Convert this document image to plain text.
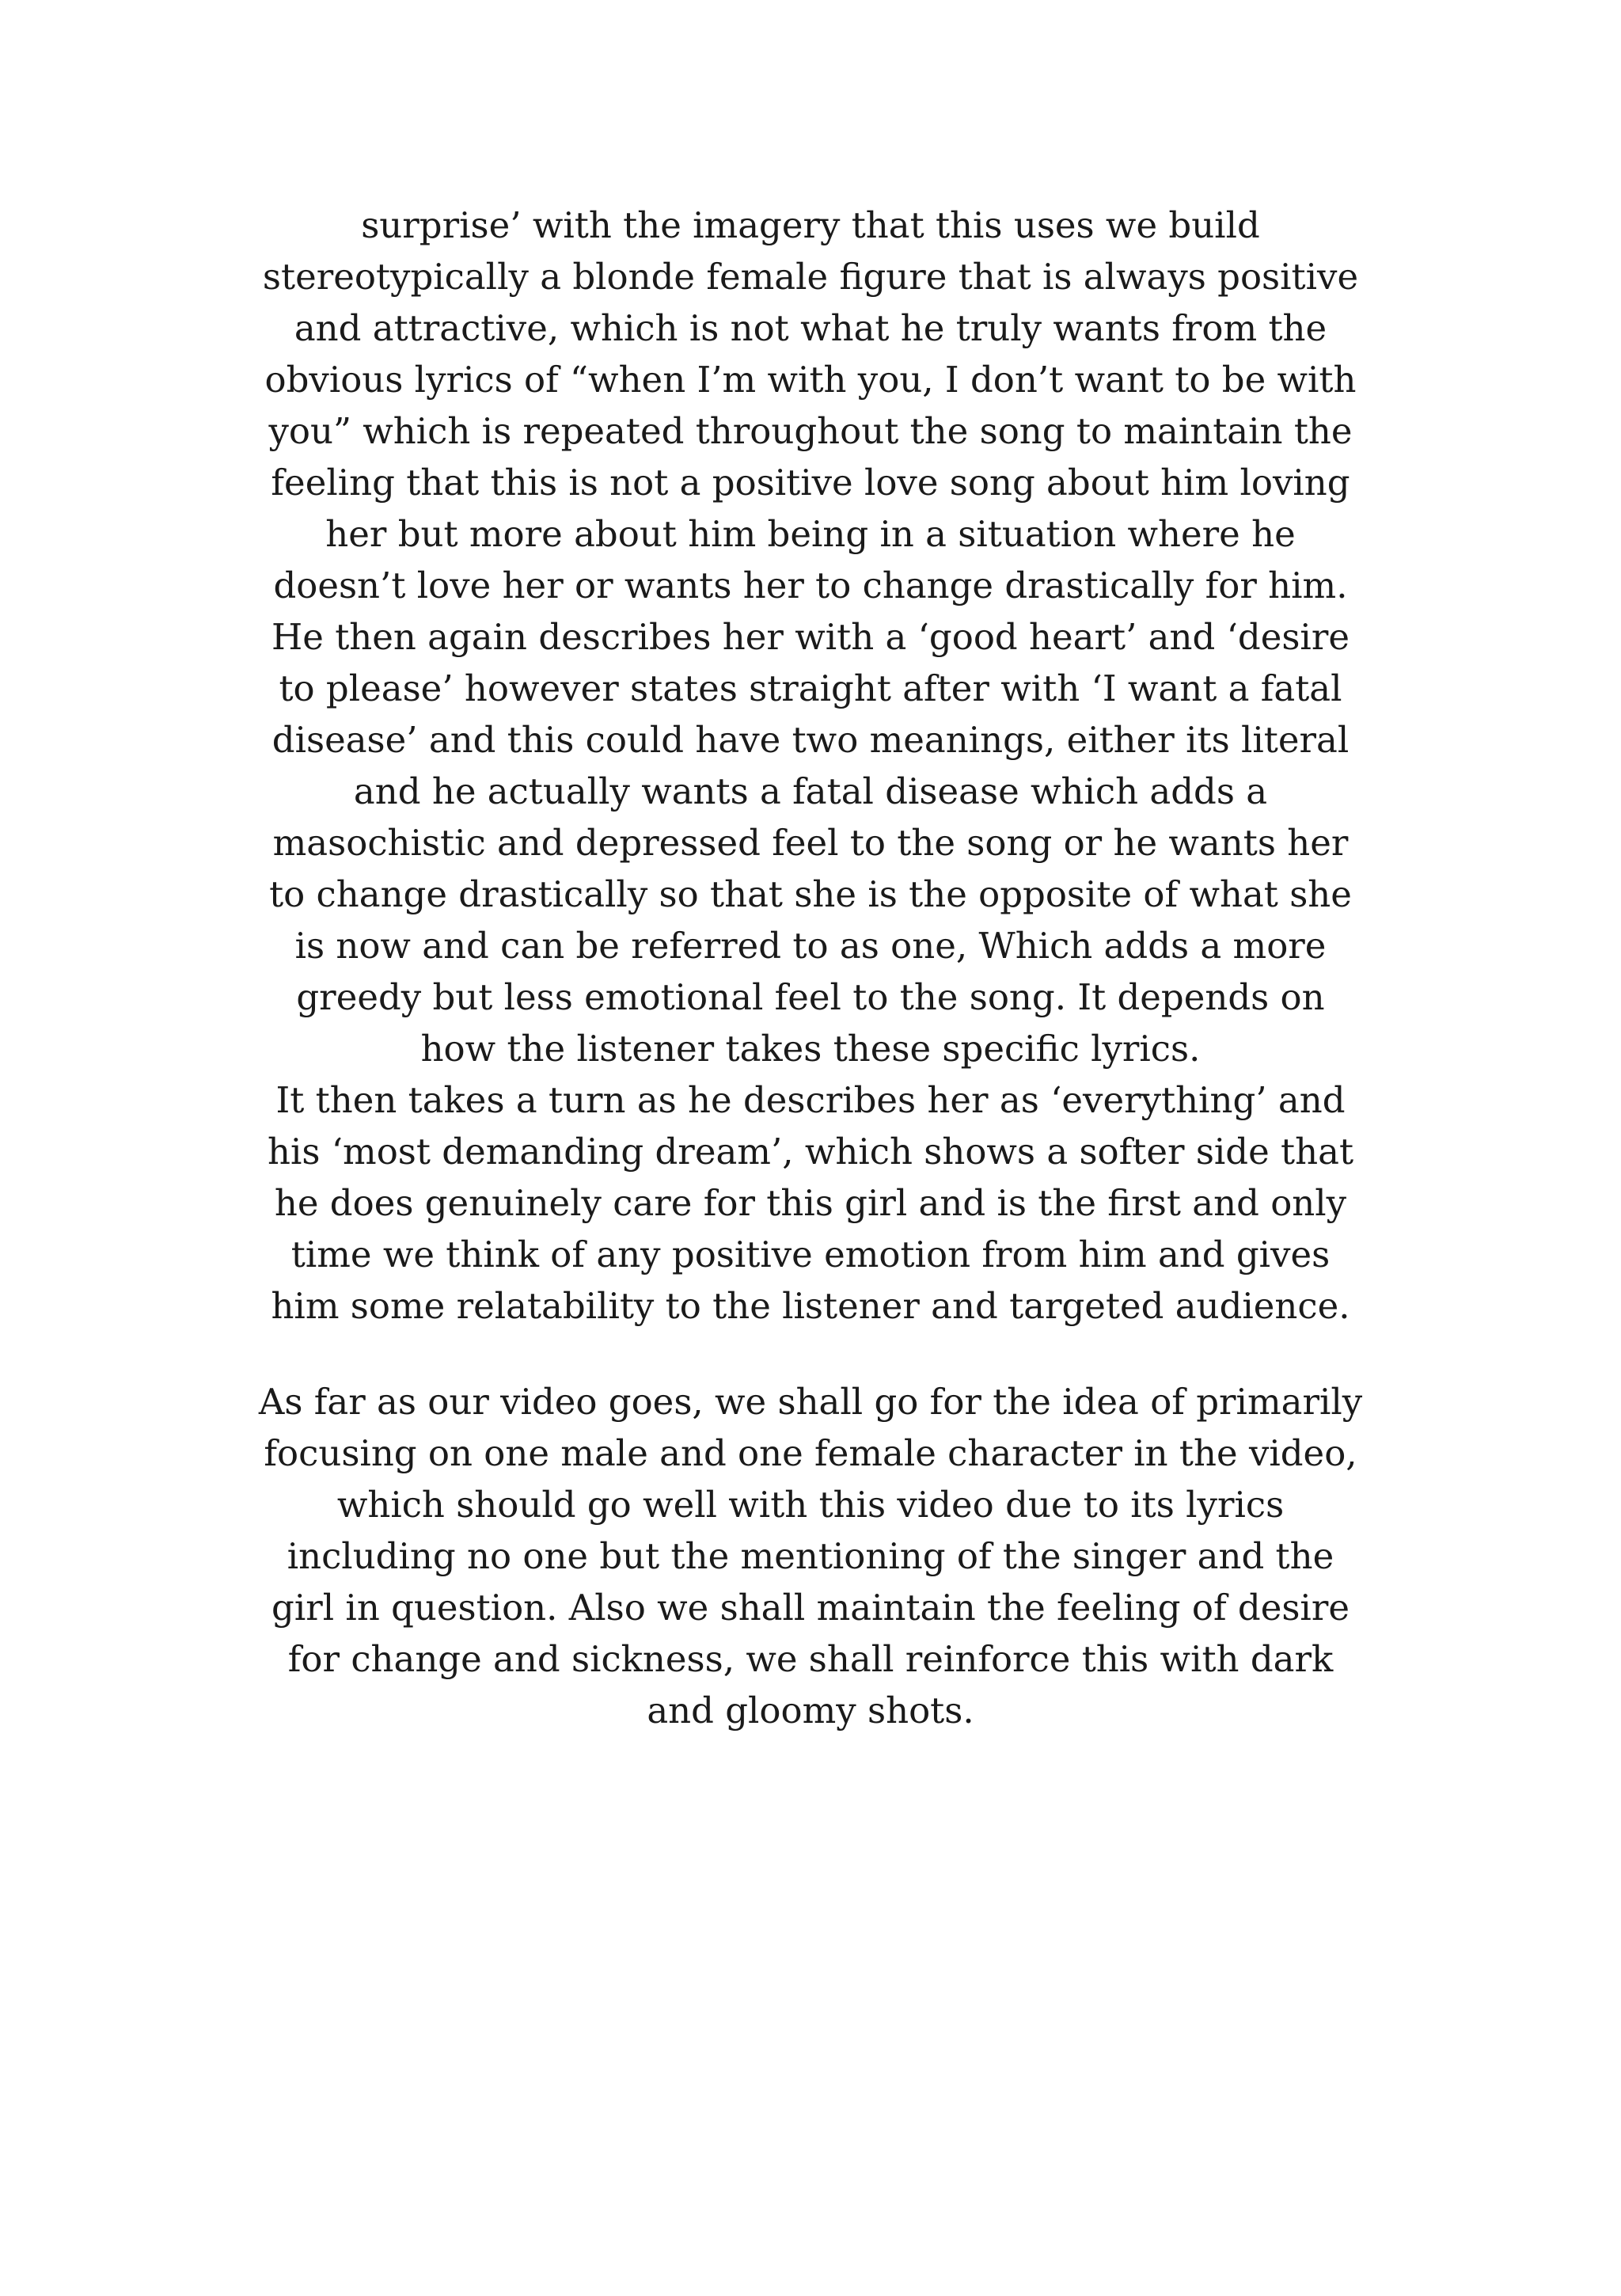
surprise’ with the imagery that this uses we build
stereotypically a blonde female figure that is always positive
and attractive, which is not what he truly wants from the
obvious lyrics of “when I’m with you, I don’t want to be with
you” which is repeated throughout the song to maintain the
feeling that this is not a positive love song about him loving
her but more about him being in a situation where he
doesn’t love her or wants her to change drastically for him.
He then again describes her with a ‘good heart’ and ‘desire
to please’ however states straight after with ‘I want a fatal
disease’ and this could have two meanings, either its literal
and he actually wants a fatal disease which adds a
masochistic and depressed feel to the song or he wants her
to change drastically so that she is the opposite of what she
is now and can be referred to as one, Which adds a more
greedy but less emotional feel to the song. It depends on
how the listener takes these specific lyrics.
It then takes a turn as he describes her as ‘everything’ and
his ‘most demanding dream’, which shows a softer side that
he does genuinely care for this girl and is the first and only
time we think of any positive emotion from him and gives
him some relatability to the listener and targeted audience.
As far as our video goes, we shall go for the idea of primarily
focusing on one male and one female character in the video,
which should go well with this video due to its lyrics
including no one but the mentioning of the singer and the
girl in question. Also we shall maintain the feeling of desire
for change and sickness, we shall reinforce this with dark
and gloomy shots.
